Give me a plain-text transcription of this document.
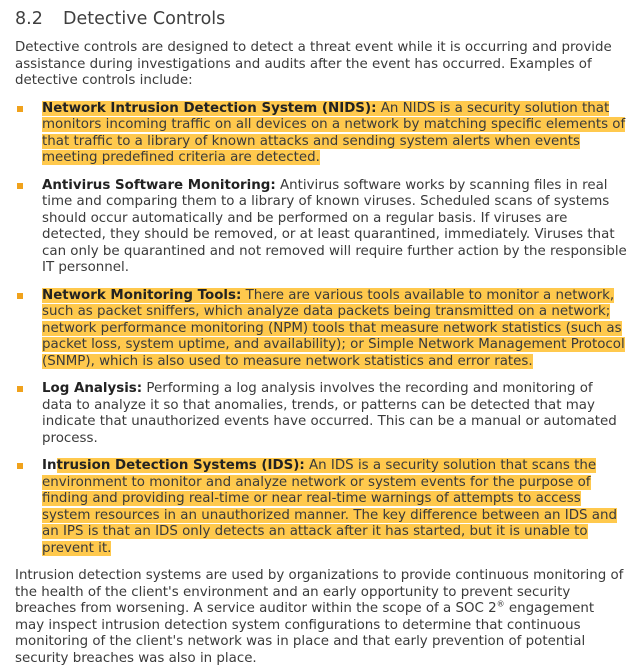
8.2 Detective Controls

Detective controls are designed to detect a threat event while it is occurring and provide assistance during investigations and audits after the event has occurred. Examples of detective controls include:

Network Intrusion Detection System (NIDS): An NIDS is a security solution that monitors incoming traffic on all devices on a network by matching specific elements of that traffic to a library of known attacks and sending system alerts when events meeting predefined criteria are detected.
Antivirus Software Monitoring: Antivirus software works by scanning files in real time and comparing them to a library of known viruses. Scheduled scans of systems should occur automatically and be performed on a regular basis. If viruses are detected, they should be removed, or at least quarantined, immediately. Viruses that can only be quarantined and not removed will require further action by the responsible IT personnel.
Network Monitoring Tools: There are various tools available to monitor a network, such as packet sniffers, which analyze data packets being transmitted on a network; network performance monitoring (NPM) tools that measure network statistics (such as packet loss, system uptime, and availability); or Simple Network Management Protocol (SNMP), which is also used to measure network statistics and error rates.
Log Analysis: Performing a log analysis involves the recording and monitoring of data to analyze it so that anomalies, trends, or patterns can be detected that may indicate that unauthorized events have occurred. This can be a manual or automated process.
Intrusion Detection Systems (IDS): An IDS is a security solution that scans the environment to monitor and analyze network or system events for the purpose of finding and providing real-time or near real-time warnings of attempts to access system resources in an unauthorized manner. The key difference between an IDS and an IPS is that an IDS only detects an attack after it has started, but it is unable to prevent it.

Intrusion detection systems are used by organizations to provide continuous monitoring of the health of the client's environment and an early opportunity to prevent security breaches from worsening. A service auditor within the scope of a SOC 2® engagement may inspect intrusion detection system configurations to determine that continuous monitoring of the client's network was in place and that early prevention of potential security breaches was also in place.
